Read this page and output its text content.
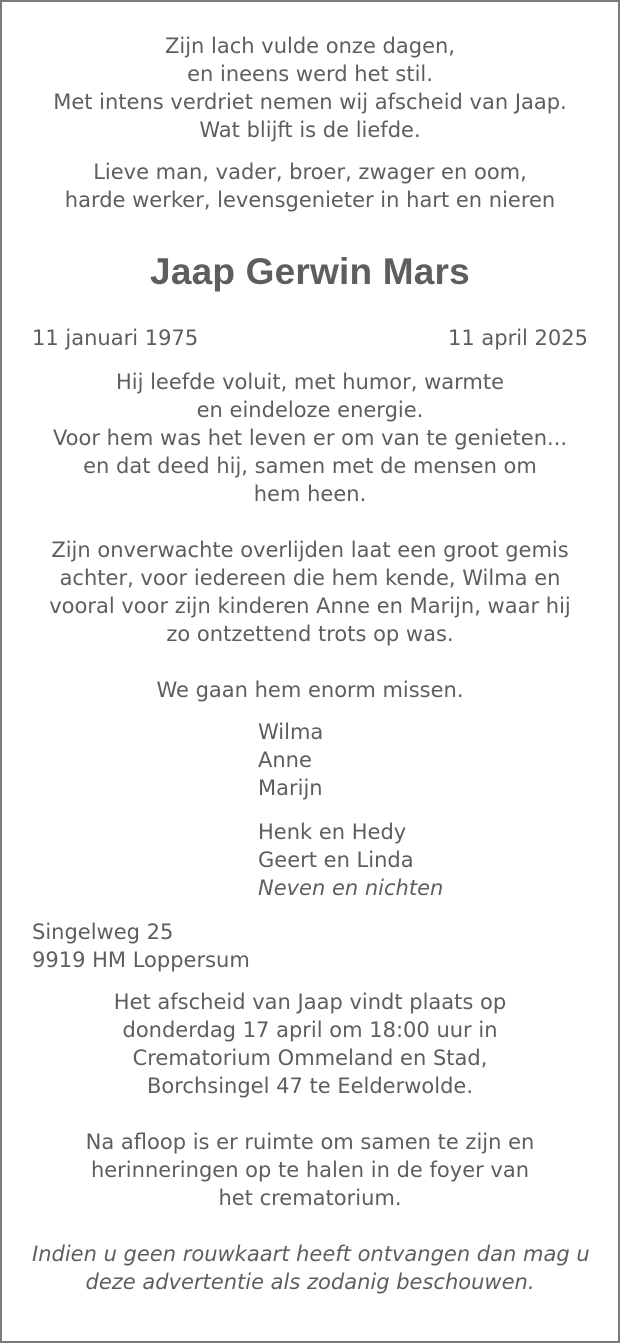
Zijn lach vulde onze dagen,
en ineens werd het stil.
Met intens verdriet nemen wij afscheid van Jaap.
Wat blijft is de liefde.
Lieve man, vader, broer, zwager en oom,
harde werker, levensgenieter in hart en nieren
Jaap Gerwin Mars
11 januari 1975	11 april 2025
Hij leefde voluit, met humor, warmte
en eindeloze energie.
Voor hem was het leven er om van te genieten...
en dat deed hij, samen met de mensen om
hem heen.
Zijn onverwachte overlijden laat een groot gemis
achter, voor iedereen die hem kende, Wilma en
vooral voor zijn kinderen Anne en Marijn, waar hij
zo ontzettend trots op was.
We gaan hem enorm missen.
Wilma
Anne
Marijn
Henk en Hedy
Geert en Linda
Neven en nichten
Singelweg 25
9919 HM Loppersum
Het afscheid van Jaap vindt plaats op
donderdag 17 april om 18:00 uur in
Crematorium Ommeland en Stad,
Borchsingel 47 te Eelderwolde.
Na afloop is er ruimte om samen te zijn en
herinneringen op te halen in de foyer van
het crematorium.
Indien u geen rouwkaart heeft ontvangen dan mag u
deze advertentie als zodanig beschouwen.
